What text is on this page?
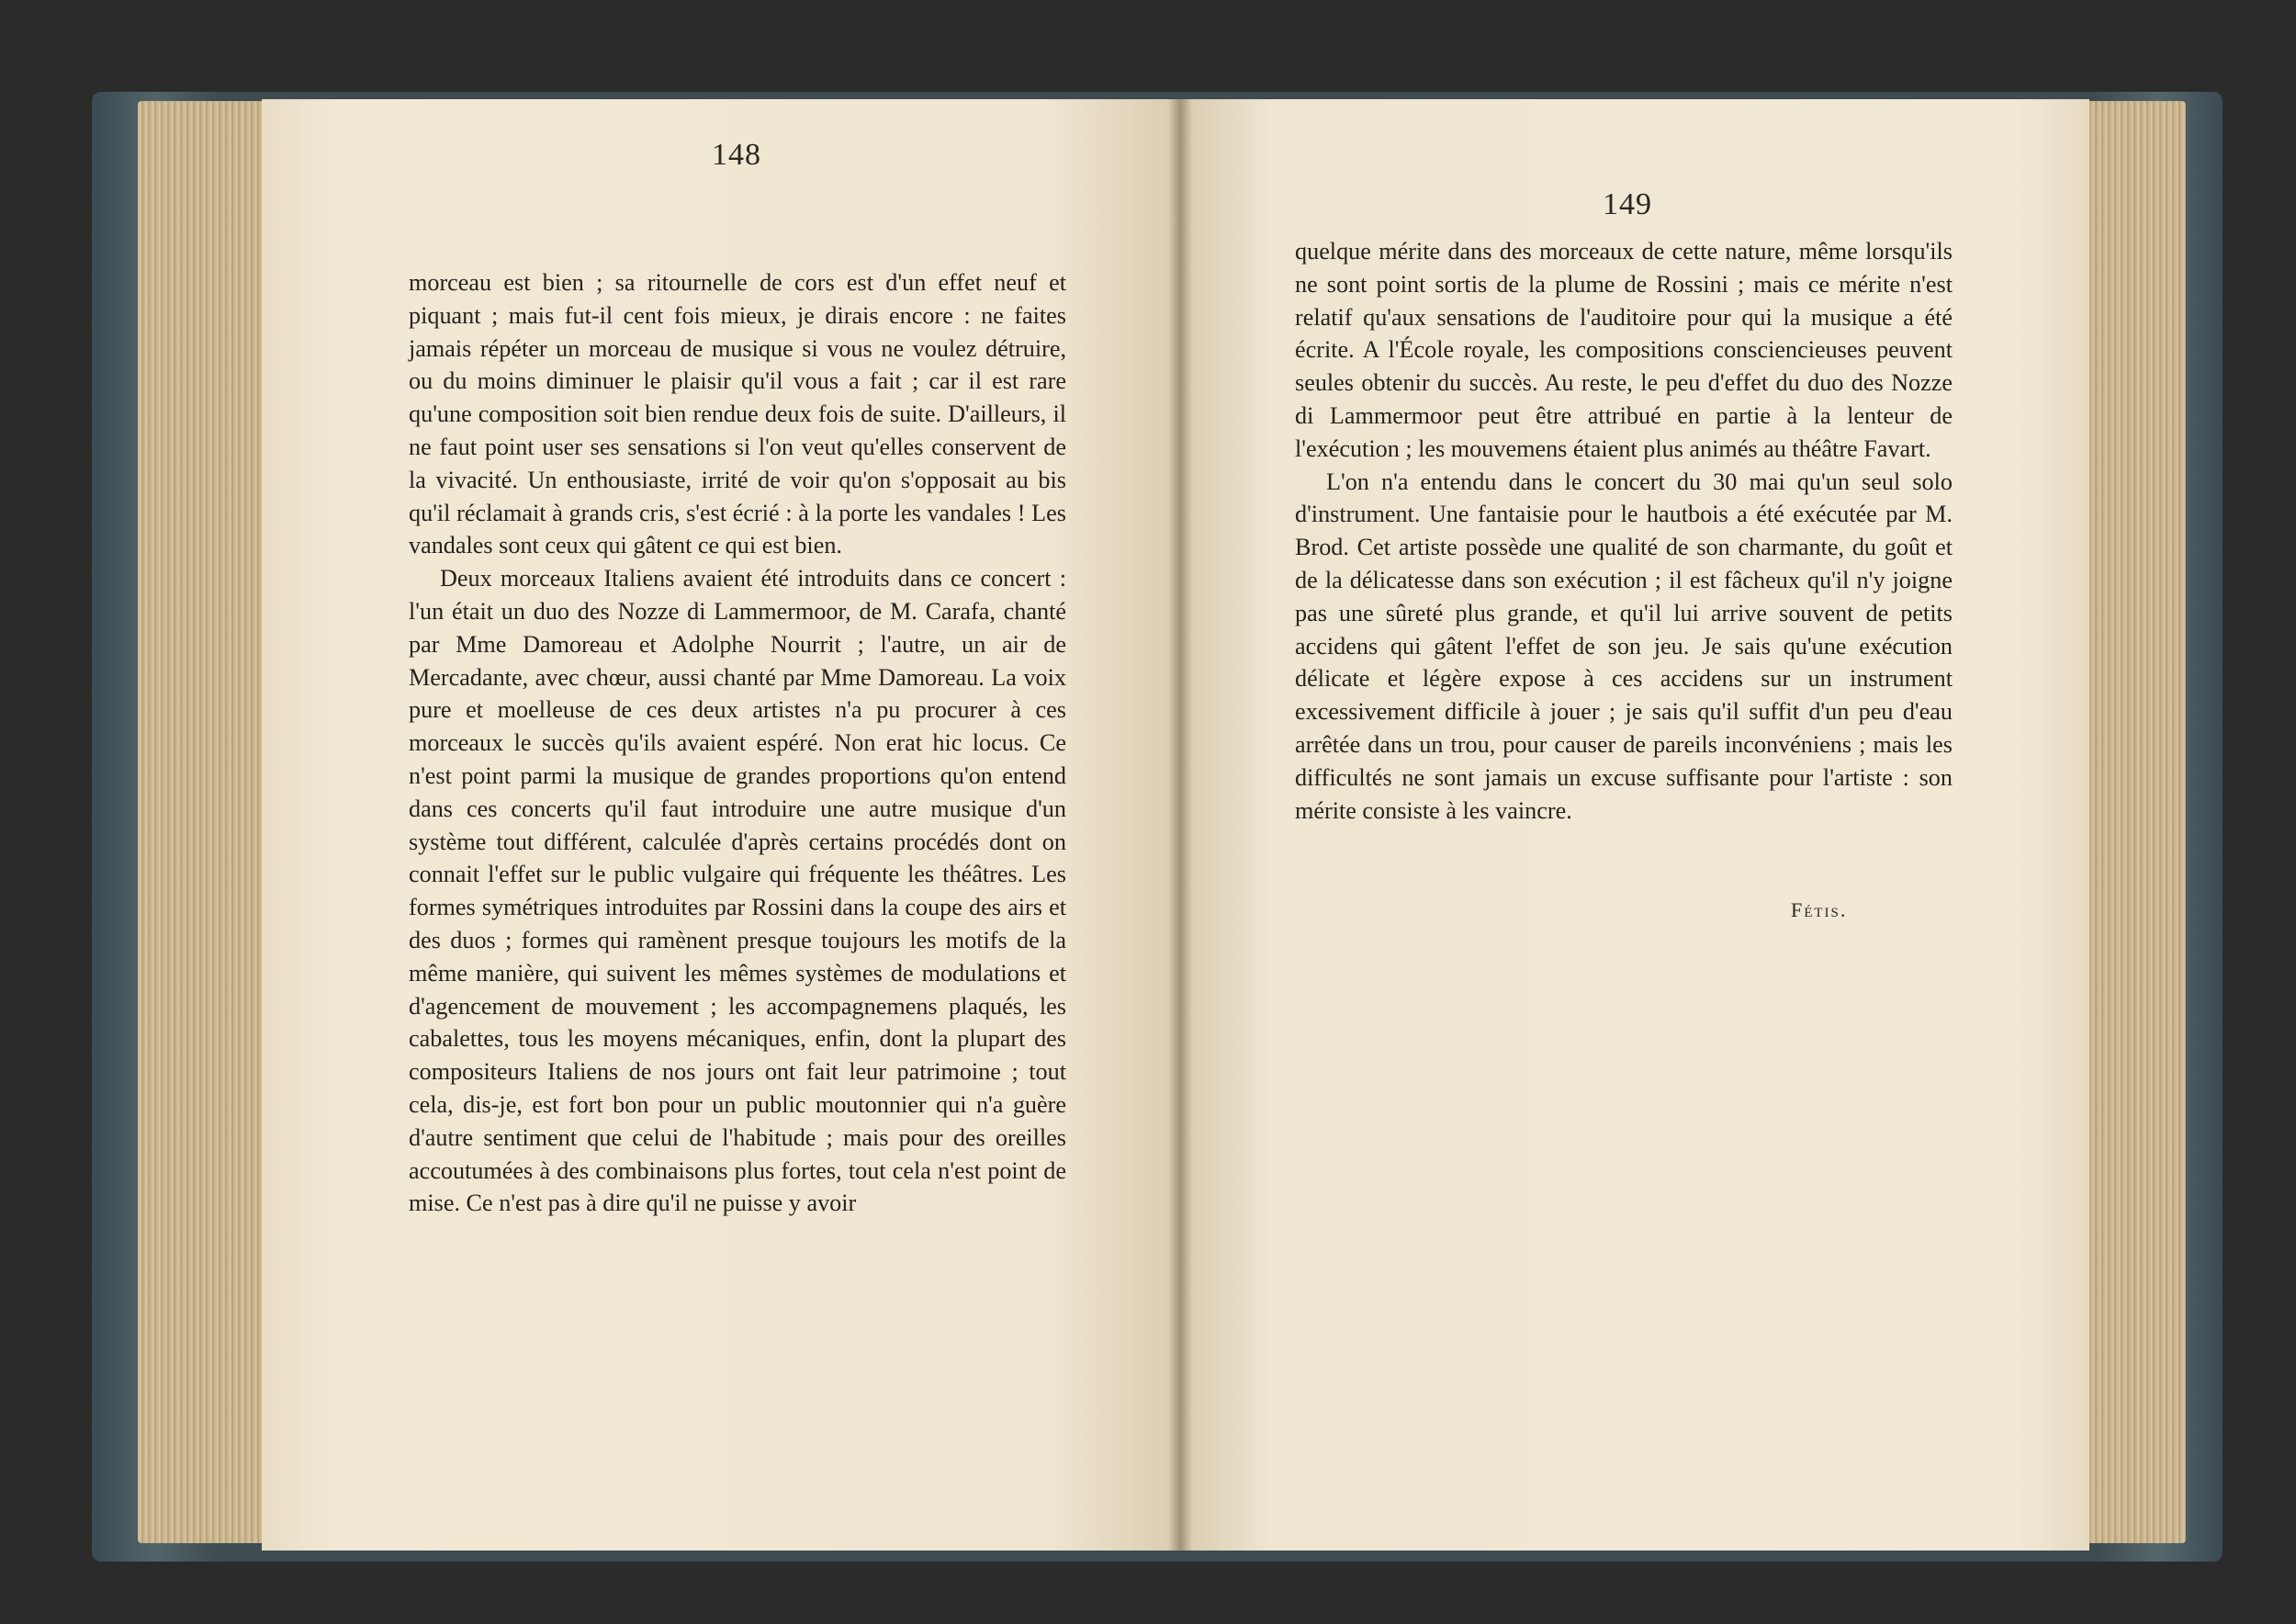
148

morceau est bien ; sa ritournelle de cors est d'un effet neuf et piquant ; mais fut-il cent fois mieux, je dirais encore : ne faites jamais répéter un morceau de musique si vous ne voulez détruire, ou du moins diminuer le plaisir qu'il vous a fait ; car il est rare qu'une composition soit bien rendue deux fois de suite. D'ailleurs, il ne faut point user ses sensations si l'on veut qu'elles conservent de la vivacité. Un enthousiaste, irrité de voir qu'on s'opposait au bis qu'il réclamait à grands cris, s'est écrié : à la porte les vandales ! Les vandales sont ceux qui gâtent ce qui est bien.

Deux morceaux Italiens avaient été introduits dans ce concert : l'un était un duo des Nozze di Lammermoor, de M. Carafa, chanté par Mme Damoreau et Adolphe Nourrit ; l'autre, un air de Mercadante, avec chœur, aussi chanté par Mme Damoreau. La voix pure et moelleuse de ces deux artistes n'a pu procurer à ces morceaux le succès qu'ils avaient espéré. Non erat hic locus. Ce n'est point parmi la musique de grandes proportions qu'on entend dans ces concerts qu'il faut introduire une autre musique d'un système tout différent, calculée d'après certains procédés dont on connait l'effet sur le public vulgaire qui fréquente les théâtres. Les formes symétriques introduites par Rossini dans la coupe des airs et des duos ; formes qui ramènent presque toujours les motifs de la même manière, qui suivent les mêmes systèmes de modulations et d'agencement de mouvement ; les accompagnemens plaqués, les cabalettes, tous les moyens mécaniques, enfin, dont la plupart des compositeurs Italiens de nos jours ont fait leur patrimoine ; tout cela, dis-je, est fort bon pour un public moutonnier qui n'a guère d'autre sentiment que celui de l'habitude ; mais pour des oreilles accoutumées à des combinaisons plus fortes, tout cela n'est point de mise. Ce n'est pas à dire qu'il ne puisse y avoir

149

quelque mérite dans des morceaux de cette nature, même lorsqu'ils ne sont point sortis de la plume de Rossini ; mais ce mérite n'est relatif qu'aux sensations de l'auditoire pour qui la musique a été écrite. A l'École royale, les compositions consciencieuses peuvent seules obtenir du succès. Au reste, le peu d'effet du duo des Nozze di Lammermoor peut être attribué en partie à la lenteur de l'exécution ; les mouvemens étaient plus animés au théâtre Favart.

L'on n'a entendu dans le concert du 30 mai qu'un seul solo d'instrument. Une fantaisie pour le hautbois a été exécutée par M. Brod. Cet artiste possède une qualité de son charmante, du goût et de la délicatesse dans son exécution ; il est fâcheux qu'il n'y joigne pas une sûreté plus grande, et qu'il lui arrive souvent de petits accidens qui gâtent l'effet de son jeu. Je sais qu'une exécution délicate et légère expose à ces accidens sur un instrument excessivement difficile à jouer ; je sais qu'il suffit d'un peu d'eau arrêtée dans un trou, pour causer de pareils inconvéniens ; mais les difficultés ne sont jamais un excuse suffisante pour l'artiste : son mérite consiste à les vaincre.

Fétis.
